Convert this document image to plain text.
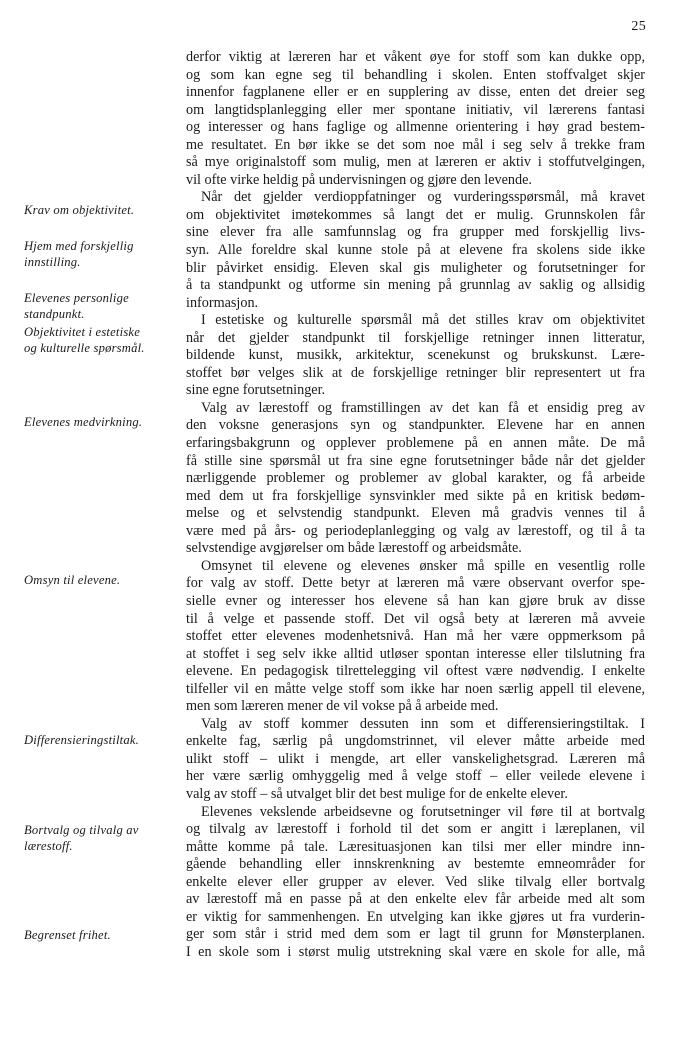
25
Krav om objektivitet.
Hjem med forskjellig
innstilling.
Elevenes personlige
standpunkt.
Objektivitet i estetiske
og kulturelle spørsmål.
Elevenes medvirkning.
Omsyn til elevene.
Differensieringstiltak.
Bortvalg og tilvalg av
lærestoff.
Begrenset frihet.
derfor viktig at læreren har et våkent øye for stoff som kan dukke opp,
og som kan egne seg til behandling i skolen. Enten stoffvalget skjer
innenfor fagplanene eller er en supplering av disse, enten det dreier seg
om langtidsplanlegging eller mer spontane initiativ, vil lærerens fantasi
og interesser og hans faglige og allmenne orientering i høy grad bestem-
me resultatet. En bør ikke se det som noe mål i seg selv å trekke fram
så mye originalstoff som mulig, men at læreren er aktiv i stoffutvelgingen,
vil ofte virke heldig på undervisningen og gjøre den levende.
Når det gjelder verdioppfatninger og vurderingsspørsmål, må kravet
om objektivitet imøtekommes så langt det er mulig. Grunnskolen får
sine elever fra alle samfunnslag og fra grupper med forskjellig livs-
syn. Alle foreldre skal kunne stole på at elevene fra skolens side ikke
blir påvirket ensidig. Eleven skal gis muligheter og forutsetninger for
å ta standpunkt og utforme sin mening på grunnlag av saklig og allsidig
informasjon.
I estetiske og kulturelle spørsmål må det stilles krav om objektivitet
når det gjelder standpunkt til forskjellige retninger innen litteratur,
bildende kunst, musikk, arkitektur, scenekunst og brukskunst. Lære-
stoffet bør velges slik at de forskjellige retninger blir representert ut fra
sine egne forutsetninger.
Valg av lærestoff og framstillingen av det kan få et ensidig preg av
den voksne generasjons syn og standpunkter. Elevene har en annen
erfaringsbakgrunn og opplever problemene på en annen måte. De må
få stille sine spørsmål ut fra sine egne forutsetninger både når det gjelder
nærliggende problemer og problemer av global karakter, og få arbeide
med dem ut fra forskjellige synsvinkler med sikte på en kritisk bedøm-
melse og et selvstendig standpunkt. Eleven må gradvis vennes til å
være med på års- og periodeplanlegging og valg av lærestoff, og til å ta
selvstendige avgjørelser om både lærestoff og arbeidsmåte.
Omsynet til elevene og elevenes ønsker må spille en vesentlig rolle
for valg av stoff. Dette betyr at læreren må være observant overfor spe-
sielle evner og interesser hos elevene så han kan gjøre bruk av disse
til å velge et passende stoff. Det vil også bety at læreren må avveie
stoffet etter elevenes modenhetsnivå. Han må her være oppmerksom på
at stoffet i seg selv ikke alltid utløser spontan interesse eller tilslutning fra
elevene. En pedagogisk tilrettelegging vil oftest være nødvendig. I enkelte
tilfeller vil en måtte velge stoff som ikke har noen særlig appell til elevene,
men som læreren mener de vil vokse på å arbeide med.
Valg av stoff kommer dessuten inn som et differensieringstiltak. I
enkelte fag, særlig på ungdomstrinnet, vil elever måtte arbeide med
ulikt stoff – ulikt i mengde, art eller vanskelighetsgrad. Læreren må
her være særlig omhyggelig med å velge stoff – eller veilede elevene i
valg av stoff – så utvalget blir det best mulige for de enkelte elever.
Elevenes vekslende arbeidsevne og forutsetninger vil føre til at bortvalg
og tilvalg av lærestoff i forhold til det som er angitt i læreplanen, vil
måtte komme på tale. Læresituasjonen kan tilsi mer eller mindre inn-
gående behandling eller innskrenkning av bestemte emneområder for
enkelte elever eller grupper av elever. Ved slike tilvalg eller bortvalg
av lærestoff må en passe på at den enkelte elev får arbeide med alt som
er viktig for sammenhengen. En utvelging kan ikke gjøres ut fra vurderin-
ger som står i strid med dem som er lagt til grunn for Mønsterplanen.
I en skole som i størst mulig utstrekning skal være en skole for alle, må
